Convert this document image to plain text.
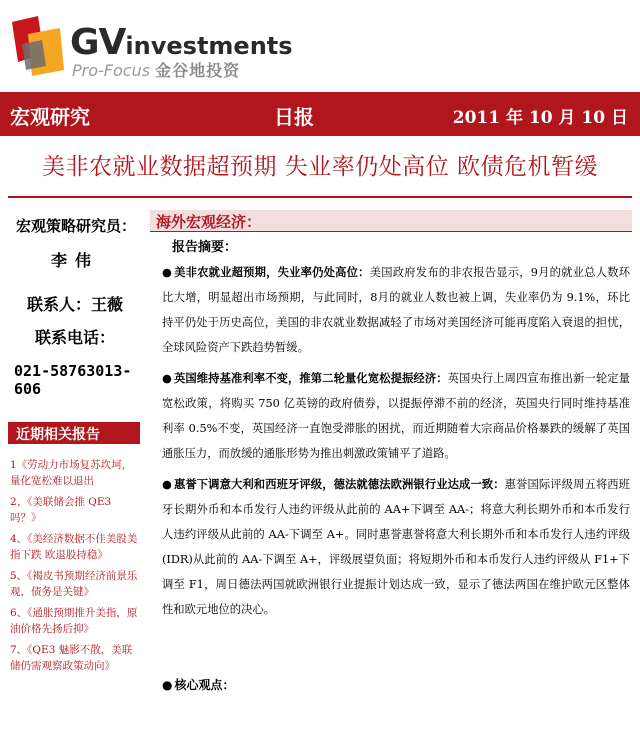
GVinvestments
Pro-Focus 金谷地投资
宏观研究	日报	2011 年 10 月 10 日
美非农就业数据超预期 失业率仍处高位 欧债危机暂缓
宏观策略研究员：
李伟
联系人：王薇
联系电话：
021-58763013-606
近期相关报告
1《劳动力市场复苏坎坷，量化宽松难以退出
2、《美联储会推 QE3 吗？》
4、《美经济数据不佳美股美指下跌 欧退股持稳》
5、《褐皮书预期经济前景乐观，债务是关键》
6、《通胀预期推升美指，原油价格先扬后抑》
7、《QE3 魅影不散，美联储仍需观察政策动向》
海外宏观经济：
报告摘要：

● 美非农就业超预期，失业率仍处高位：美国政府发布的非农报告显示，9月的就业总人数环比大增，明显超出市场预期，与此同时，8月的就业人数也被上调，失业率仍为 9.1%，环比持平仍处于历史高位，美国的非农就业数据减轻了市场对美国经济可能再度陷入衰退的担忧，全球风险资产下跌趋势暂缓。

● 英国维持基准利率不变，推第二轮量化宽松提振经济：英国央行上周四宣布推出新一轮定量宽松政策，将购买 750 亿英镑的政府债券，以提振停滞不前的经济，英国央行同时维持基准利率 0.5%不变，英国经济一直饱受滞胀的困扰，而近期随着大宗商品价格暴跌的缓解了英国通胀压力，而放缓的通胀形势为推出刺激政策铺平了道路。

● 惠誉下调意大利和西班牙评级，德法就德法欧洲银行业达成一致：惠誉国际评级周五将西班牙长期外币和本币发行人违约评级从此前的 AA+下调至 AA-；将意大利长期外币和本币发行人违约评级从此前的 AA-下调至 A+。同时惠誉惠誉将意大利长期外币和本币发行人违约评级(IDR)从此前的 AA-下调至 A+，评级展望负面；将短期外币和本币发行人违约评级从 F1+下调至 F1，周日德法两国就欧洲银行业提振计划达成一致，显示了德法两国在维护欧元区整体性和欧元地位的决心。

● 核心观点：
